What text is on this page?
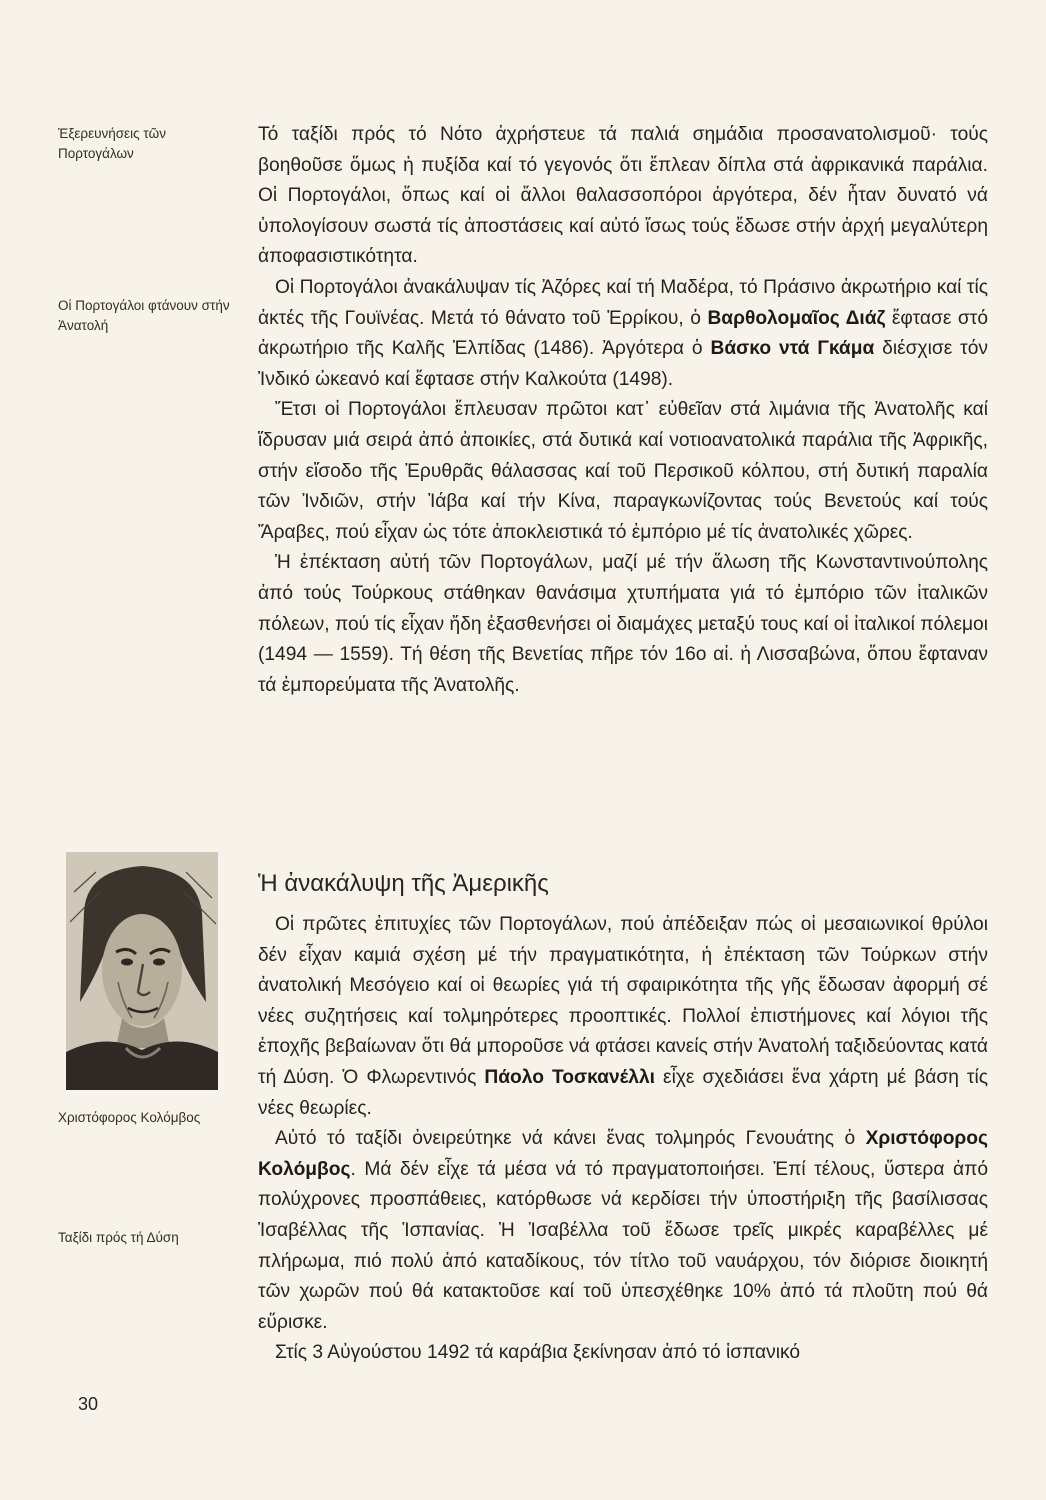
Ἐξερευνήσεις τῶν Πορτογάλων
Οἱ Πορτογάλοι φτάνουν στήν Ἀνατολή
Χριστόφορος Κολόμβος
Ταξίδι πρός τή Δύση

Τό ταξίδι πρός τό Νότο ἀχρήστευε τά παλιά σημάδια προσανατολισμοῦ· τούς βοηθοῦσε ὅμως ἡ πυξίδα καί τό γεγονός ὅτι ἔπλεαν δίπλα στά ἀφρικανικά παράλια. Οἱ Πορτογάλοι, ὅπως καί οἱ ἄλλοι θαλασσοπόροι ἀργότερα, δέν ἦταν δυνατό νά ὑπολογίσουν σωστά τίς ἀποστάσεις καί αὐτό ἴσως τούς ἔδωσε στήν ἀρχή μεγαλύτερη ἀποφασιστικότητα.

Οἱ Πορτογάλοι ἀνακάλυψαν τίς Ἀζόρες καί τή Μαδέρα, τό Πράσινο ἀκρωτήριο καί τίς ἀκτές τῆς Γουϊνέας. Μετά τό θάνατο τοῦ Ἐρρίκου, ὁ Βαρθολομαῖος Διάζ ἔφτασε στό ἀκρωτήριο τῆς Καλῆς Ἐλπίδας (1486). Ἀργότερα ὁ Βάσκο ντά Γκάμα διέσχισε τόν Ἰνδικό ὠκεανό καί ἔφτασε στήν Καλκούτα (1498).

Ἔτσι οἱ Πορτογάλοι ἔπλευσαν πρῶτοι κατ᾽ εὐθεῖαν στά λιμάνια τῆς Ἀνατολῆς καί ἵδρυσαν μιά σειρά ἀπό ἀποικίες, στά δυτικά καί νοτιοανατολικά παράλια τῆς Ἀφρικῆς, στήν εἴσοδο τῆς Ἐρυθρᾶς θάλασσας καί τοῦ Περσικοῦ κόλπου, στή δυτική παραλία τῶν Ἰνδιῶν, στήν Ἰάβα καί τήν Κίνα, παραγκωνίζοντας τούς Βενετούς καί τούς Ἄραβες, πού εἶχαν ὡς τότε ἀποκλειστικά τό ἐμπόριο μέ τίς ἀνατολικές χῶρες.

Ἡ ἐπέκταση αὐτή τῶν Πορτογάλων, μαζί μέ τήν ἅλωση τῆς Κωνσταντινούπολης ἀπό τούς Τούρκους στάθηκαν θανάσιμα χτυπήματα γιά τό ἐμπόριο τῶν ἰταλικῶν πόλεων, πού τίς εἶχαν ἤδη ἐξασθενήσει οἱ διαμάχες μεταξύ τους καί οἱ ἰταλικοί πόλεμοι (1494 — 1559). Τή θέση τῆς Βενετίας πῆρε τόν 16ο αἰ. ἡ Λισσαβώνα, ὅπου ἔφταναν τά ἐμπορεύματα τῆς Ἀνατολῆς.

Ἡ ἀνακάλυψη τῆς Ἀμερικῆς

Οἱ πρῶτες ἐπιτυχίες τῶν Πορτογάλων, πού ἀπέδειξαν πώς οἱ μεσαιωνικοί θρύλοι δέν εἶχαν καμιά σχέση μέ τήν πραγματικότητα, ἡ ἐπέκταση τῶν Τούρκων στήν ἀνατολική Μεσόγειο καί οἱ θεωρίες γιά τή σφαιρικότητα τῆς γῆς ἔδωσαν ἀφορμή σέ νέες συζητήσεις καί τολμηρότερες προοπτικές. Πολλοί ἐπιστήμονες καί λόγιοι τῆς ἐποχῆς βεβαίωναν ὅτι θά μποροῦσε νά φτάσει κανείς στήν Ἀνατολή ταξιδεύοντας κατά τή Δύση. Ὁ Φλωρεντινός Πάολο Τοσκανέλλι εἶχε σχεδιάσει ἕνα χάρτη μέ βάση τίς νέες θεωρίες.

Αὐτό τό ταξίδι ὀνειρεύτηκε νά κάνει ἕνας τολμηρός Γενουάτης ὁ Χριστόφορος Κολόμβος. Μά δέν εἶχε τά μέσα νά τό πραγματοποιήσει. Ἐπί τέλους, ὕστερα ἀπό πολύχρονες προσπάθειες, κατόρθωσε νά κερδίσει τήν ὑποστήριξη τῆς βασίλισσας Ἰσαβέλλας τῆς Ἱσπανίας. Ἡ Ἰσαβέλλα τοῦ ἔδωσε τρεῖς μικρές καραβέλλες μέ πλήρωμα, πιό πολύ ἀπό καταδίκους, τόν τίτλο τοῦ ναυάρχου, τόν διόρισε διοικητή τῶν χωρῶν πού θά κατακτοῦσε καί τοῦ ὑπεσχέθηκε 10% ἀπό τά πλοῦτη πού θά εὕρισκε.

Στίς 3 Αὐγούστου 1492 τά καράβια ξεκίνησαν ἀπό τό ἱσπανικό

30
